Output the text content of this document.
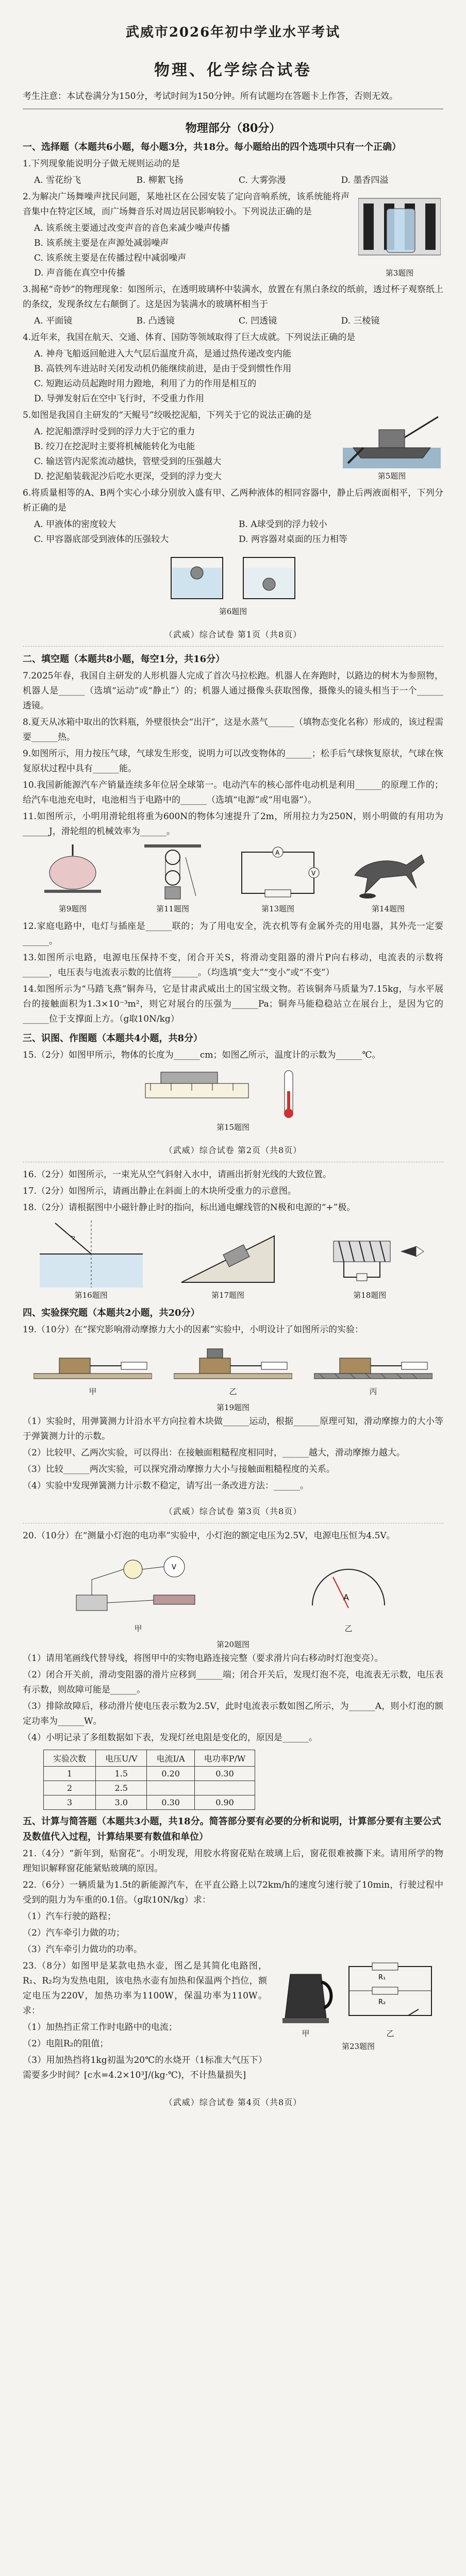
武威市2026年初中学业水平考试
物理、化学综合试卷
考生注意：本试卷满分为150分，考试时间为150分钟。所有试题均在答题卡上作答，否则无效。
物理部分（80分）
一、选择题（本题共6小题，每小题3分，共18分。每小题给出的四个选项中只有一个正确）
1.下列现象能说明分子做无规则运动的是
A. 雪花纷飞	B. 柳絮飞扬	C. 大雾弥漫	D. 墨香四溢
第3题图
2.为解决广场舞噪声扰民问题，某地社区在公园安装了定向音响系统，该系统能将声音集中在特定区域，而广场舞音乐对周边居民影响较小。下列说法正确的是
A. 该系统主要通过改变声音的音色来减少噪声传播
B. 该系统主要是在声源处减弱噪声
C. 该系统主要是在传播过程中减弱噪声
D. 声音能在真空中传播
3.揭秘“奇妙”的物理现象：如图所示，在透明玻璃杯中装满水，放置在有黑白条纹的纸前，透过杯子观察纸上的条纹，发现条纹左右颠倒了。这是因为装满水的玻璃杯相当于
A. 平面镜	B. 凸透镜	C. 凹透镜	D. 三棱镜
4.近年来，我国在航天、交通、体育、国防等领域取得了巨大成就。下列说法正确的是
A. 神舟飞船返回舱进入大气层后温度升高，是通过热传递改变内能
B. 高铁列车进站时关闭发动机仍能继续前进，是由于受到惯性作用
C. 短跑运动员起跑时用力蹬地，利用了力的作用是相互的
D. 导弹发射后在空中飞行时，不受重力作用
第5题图
5.如图是我国自主研发的“天鲲号”绞吸挖泥船，下列关于它的说法正确的是
A. 挖泥船漂浮时受到的浮力大于它的重力
B. 绞刀在挖泥时主要将机械能转化为电能
C. 输送管内泥浆流动越快，管壁受到的压强越大
D. 挖泥船装载泥沙后吃水更深，受到的浮力变大
6.将质量相等的A、B两个实心小球分别放入盛有甲、乙两种液体的相同容器中，静止后两液面相平，下列分析正确的是
A. 甲液体的密度较大	B. A球受到的浮力较小
C. 甲容器底部受到液体的压强较大	D. 两容器对桌面的压力相等
第6题图
（武威）综合试卷 第1页（共8页）
二、填空题（本题共8小题，每空1分，共16分）
7.2025年春，我国自主研发的人形机器人完成了首次马拉松跑。机器人在奔跑时，以路边的树木为参照物，机器人是______（选填“运动”或“静止”）的；机器人通过摄像头获取图像，摄像头的镜头相当于一个______透镜。
8.夏天从冰箱中取出的饮料瓶，外壁很快会“出汗”，这是水蒸气______（填物态变化名称）形成的，该过程需要______热。
9.如图所示，用力按压气球，气球发生形变，说明力可以改变物体的______；松手后气球恢复原状，气球在恢复原状过程中具有______能。
10.我国新能源汽车产销量连续多年位居全球第一。电动汽车的核心部件电动机是利用______的原理工作的；给汽车电池充电时，电池相当于电路中的______（选填“电源”或“用电器”）。
11.如图所示，小明用滑轮组将重为600N的物体匀速提升了2m，所用拉力为250N，则小明做的有用功为______J，滑轮组的机械效率为______。
第9题图	第11题图
A
V
第13题图	第14题图
12.家庭电路中，电灯与插座是______联的；为了用电安全，洗衣机等有金属外壳的用电器，其外壳一定要______。
13.如图所示电路，电源电压保持不变，闭合开关S，将滑动变阻器的滑片P向右移动，电流表的示数将______，电压表与电流表示数的比值将______。（均选填“变大”“变小”或“不变”）
14.如图所示为“马踏飞燕”铜奔马，它是甘肃武威出土的国宝级文物。若该铜奔马质量为7.15kg，与水平展台的接触面积为1.3×10⁻³m²，则它对展台的压强为______Pa；铜奔马能稳稳站立在展台上，是因为它的______位于支撑面上方。（g取10N/kg）
三、识图、作图题（本题共4小题，共8分）
15.（2分）如图甲所示，物体的长度为______cm；如图乙所示，温度计的示数为______℃。
第15题图
（武威）综合试卷 第2页（共8页）
16.（2分）如图所示，一束光从空气斜射入水中，请画出折射光线的大致位置。
17.（2分）如图所示，请画出静止在斜面上的木块所受重力的示意图。
18.（2分）请根据图中小磁针静止时的指向，标出通电螺线管的N极和电源的“+”极。
第16题图	第17题图	第18题图
四、实验探究题（本题共2小题，共20分）
19.（10分）在“探究影响滑动摩擦力大小的因素”实验中，小明设计了如图所示的实验：
甲	乙	丙
第19题图
（1）实验时，用弹簧测力计沿水平方向拉着木块做______运动，根据______原理可知，滑动摩擦力的大小等于弹簧测力计的示数。
（2）比较甲、乙两次实验，可以得出：在接触面粗糙程度相同时，______越大，滑动摩擦力越大。
（3）比较______两次实验，可以探究滑动摩擦力大小与接触面粗糙程度的关系。
（4）实验中发现弹簧测力计示数不稳定，请写出一条改进方法：______。
（武威）综合试卷 第3页（共8页）
20.（10分）在“测量小灯泡的电功率”实验中，小灯泡的额定电压为2.5V，电源电压恒为4.5V。
V
甲
A
乙
第20题图
（1）请用笔画线代替导线，将图甲中的实物电路连接完整（要求滑片向右移动时灯泡变亮）。
（2）闭合开关前，滑动变阻器的滑片应移到______端；闭合开关后，发现灯泡不亮，电流表无示数，电压表有示数，则故障可能是______。
（3）排除故障后，移动滑片使电压表示数为2.5V，此时电流表示数如图乙所示，为______A，则小灯泡的额定功率为______W。
（4）小明记录了多组数据如下表，发现灯丝电阻是变化的，原因是______。
实验次数	电压U/V	电流I/A	电功率P/W
1	1.5	0.20	0.30
2	2.5		
3	3.0	0.30	0.90
五、计算与简答题（本题共3小题，共18分。简答部分要有必要的分析和说明，计算部分要有主要公式及数值代入过程，计算结果要有数值和单位）
21.（4分）“新年到，贴窗花”。小明发现，用胶水将窗花贴在玻璃上后，窗花很难被撕下来。请用所学的物理知识解释窗花能紧贴玻璃的原因。
22.（6分）一辆质量为1.5t的新能源汽车，在平直公路上以72km/h的速度匀速行驶了10min，行驶过程中受到的阻力为车重的0.1倍。（g取10N/kg）求：
（1）汽车行驶的路程；
（2）汽车牵引力做的功；
（3）汽车牵引力做功的功率。
甲
R₁
R₂
乙
第23题图
23.（8分）如图甲是某款电热水壶，图乙是其简化电路图，R₁、R₂均为发热电阻，该电热水壶有加热和保温两个挡位，额定电压为220V，加热功率为1100W，保温功率为110W。求：
（1）加热挡正常工作时电路中的电流；
（2）电阻R₂的阻值；
（3）用加热挡将1kg初温为20℃的水烧开（1标准大气压下）需要多少时间？[c水=4.2×10³J/(kg·℃)，不计热量损失]
（武威）综合试卷 第4页（共8页）
